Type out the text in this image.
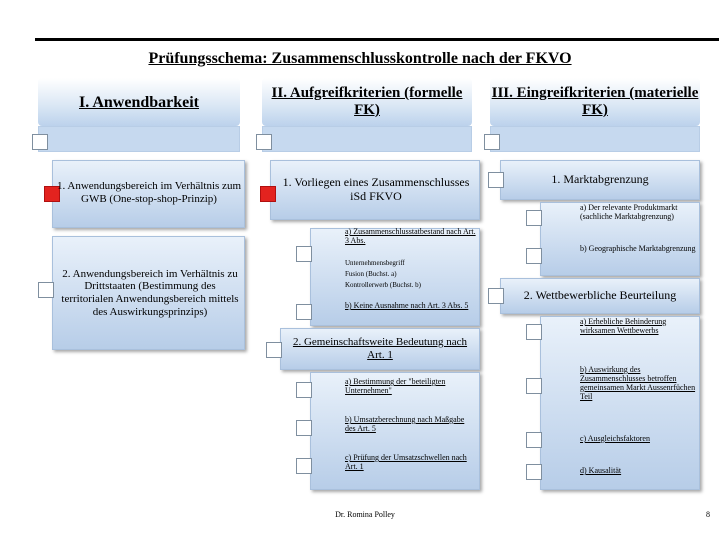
Prüfungsschema: Zusammenschlusskontrolle nach der FKVO
I. Anwendbarkeit
II. Aufgreifkriterien (formelle FK)
III. Eingreifkriterien (materielle FK)
1. Anwendungsbereich im Verhältnis zum GWB (One-stop-shop-Prinzip)
2. Anwendungsbereich im Verhältnis zu Drittstaaten (Bestimmung des territorialen Anwendungsbereich mittels des Auswirkungsprinzips)
1. Vorliegen eines Zusammenschlusses iSd FKVO
a) Zusammenschlusstatbestand nach Art. 3 Abs.
Unternehmensbegriff
Fusion (Buchst. a)
Kontrollerwerb (Buchst. b)
b) Keine Ausnahme nach Art. 3 Abs. 5
2. Gemeinschaftsweite Bedeutung nach Art. 1
a) Bestimmung der "beteiligten Unternehmen"
b) Umsatzberechnung nach Maßgabe des Art. 5
c) Prüfung der Umsatzschwellen nach Art. 1
1. Marktabgrenzung
a) Der relevante Produktmarkt (sachliche Marktabgrenzung)
b) Geographische Marktabgrenzung
2. Wettbewerbliche Beurteilung
a) Erhebliche Behinderung wirksamen Wettbewerbs
b) Auswirkung des Zusammenschlusses betroffen gemeinsamen Markt Aussenrfüchen Teil
c) Ausgleichsfaktoren
d) Kausalität
Dr. Romina Polley	8
